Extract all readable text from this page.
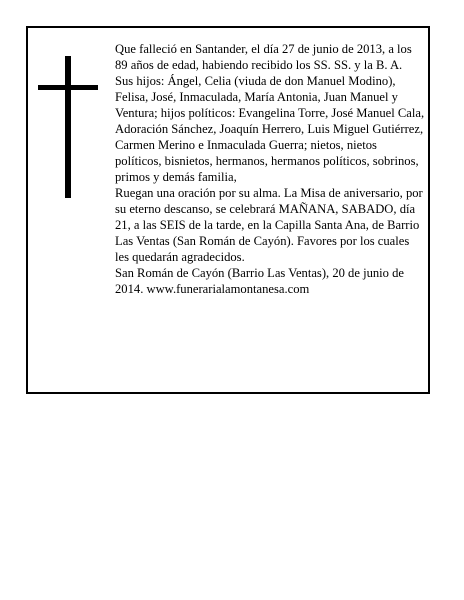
Que falleció en Santander, el día 27 de junio de 2013, a los 89 años de edad, habiendo recibido los SS. SS. y la B. A.

Sus hijos: Ángel, Celia (viuda de don Manuel Modino), Felisa, José, Inmaculada, María Antonia, Juan Manuel y Ventura; hijos políticos: Evangelina Torre, José Manuel Cala, Adoración Sánchez, Joaquín Herrero, Luis Miguel Gutiérrez, Carmen Merino e Inmaculada Guerra; nietos, nietos políticos, bisnietos, hermanos, hermanos políticos, sobrinos, primos y demás familia,

Ruegan una oración por su alma. La Misa de aniversario, por su eterno descanso, se celebrará MAÑANA, SABADO, día 21, a las SEIS de la tarde, en la Capilla Santa Ana, de Barrio Las Ventas (San Román de Cayón). Favores por los cuales les quedarán agradecidos.

San Román de Cayón (Barrio Las Ventas), 20 de junio de 2014. www.funerarialamontanesa.com
